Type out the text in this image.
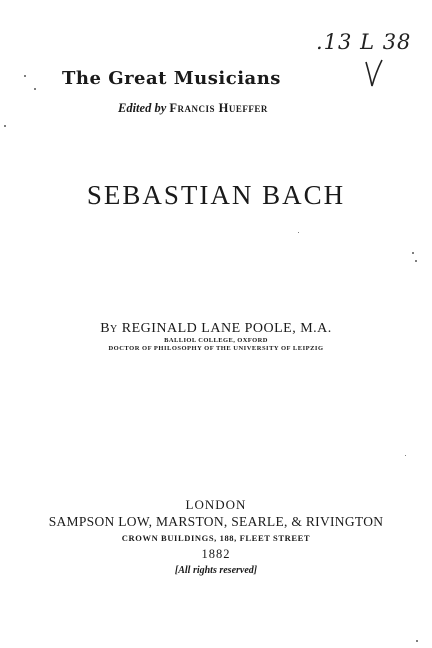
.13 L 38
The Great Musicians
Edited by Francis Hueffer
SEBASTIAN BACH
By REGINALD LANE POOLE, M.A.
BALLIOL COLLEGE, OXFORD
DOCTOR OF PHILOSOPHY OF THE UNIVERSITY OF LEIPZIG
LONDON
SAMPSON LOW, MARSTON, SEARLE, & RIVINGTON
CROWN BUILDINGS, 188, FLEET STREET
1882
[All rights reserved]
